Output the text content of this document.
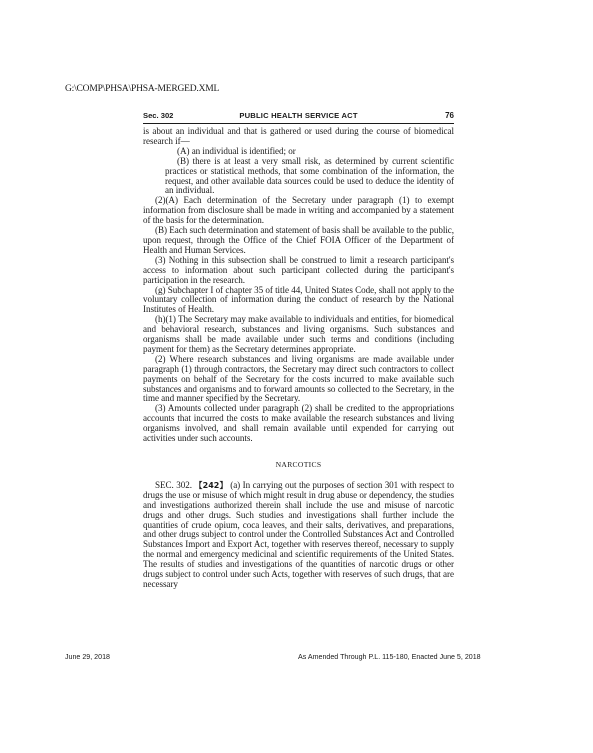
G:\COMP\PHSA\PHSA-MERGED.XML
Sec. 302	PUBLIC HEALTH SERVICE ACT	76

is about an individual and that is gathered or used during the course of biomedical research if—

(A) an individual is identified; or

(B) there is at least a very small risk, as determined by current scientific practices or statistical methods, that some combination of the information, the request, and other available data sources could be used to deduce the identity of an individual.

(2)(A) Each determination of the Secretary under paragraph (1) to exempt information from disclosure shall be made in writing and accompanied by a statement of the basis for the determination.

(B) Each such determination and statement of basis shall be available to the public, upon request, through the Office of the Chief FOIA Officer of the Department of Health and Human Services.

(3) Nothing in this subsection shall be construed to limit a research participant's access to information about such participant collected during the participant's participation in the research.

(g) Subchapter I of chapter 35 of title 44, United States Code, shall not apply to the voluntary collection of information during the conduct of research by the National Institutes of Health.

(h)(1) The Secretary may make available to individuals and entities, for biomedical and behavioral research, substances and living organisms. Such substances and organisms shall be made available under such terms and conditions (including payment for them) as the Secretary determines appropriate.

(2) Where research substances and living organisms are made available under paragraph (1) through contractors, the Secretary may direct such contractors to collect payments on behalf of the Secretary for the costs incurred to make available such substances and organisms and to forward amounts so collected to the Secretary, in the time and manner specified by the Secretary.

(3) Amounts collected under paragraph (2) shall be credited to the appropriations accounts that incurred the costs to make available the research substances and living organisms involved, and shall remain available until expended for carrying out activities under such accounts.

NARCOTICS

SEC. 302. 【242】 (a) In carrying out the purposes of section 301 with respect to drugs the use or misuse of which might result in drug abuse or dependency, the studies and investigations authorized therein shall include the use and misuse of narcotic drugs and other drugs. Such studies and investigations shall further include the quantities of crude opium, coca leaves, and their salts, derivatives, and preparations, and other drugs subject to control under the Controlled Substances Act and Controlled Substances Import and Export Act, together with reserves thereof, necessary to supply the normal and emergency medicinal and scientific requirements of the United States. The results of studies and investigations of the quantities of narcotic drugs or other drugs subject to control under such Acts, together with reserves of such drugs, that are necessary

June 29, 2018	As Amended Through P.L. 115-180, Enacted June 5, 2018
